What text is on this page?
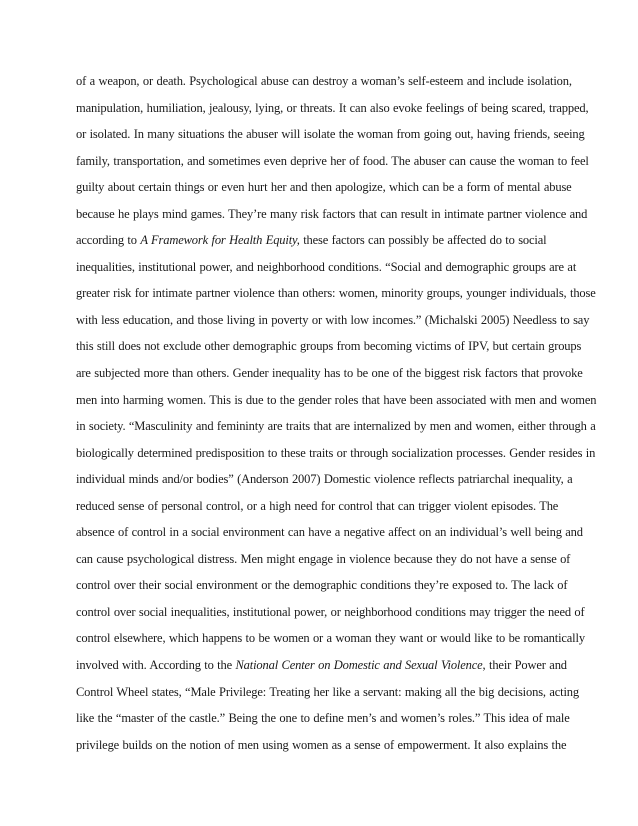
of a weapon, or death. Psychological abuse can destroy a woman’s self-esteem and include isolation,
manipulation, humiliation, jealousy, lying, or threats. It can also evoke feelings of being scared, trapped,
or isolated. In many situations the abuser will isolate the woman from going out, having friends, seeing
family, transportation, and sometimes even deprive her of food. The abuser can cause the woman to feel
guilty about certain things or even hurt her and then apologize, which can be a form of mental abuse
because he plays mind games. They’re many risk factors that can result in intimate partner violence and
according to A Framework for Health Equity, these factors can possibly be affected do to social
inequalities, institutional power, and neighborhood conditions. “Social and demographic groups are at
greater risk for intimate partner violence than others: women, minority groups, younger individuals, those
with less education, and those living in poverty or with low incomes.” (Michalski 2005) Needless to say
this still does not exclude other demographic groups from becoming victims of IPV, but certain groups
are subjected more than others. Gender inequality has to be one of the biggest risk factors that provoke
men into harming women. This is due to the gender roles that have been associated with men and women
in society. “Masculinity and femininty are traits that are internalized by men and women, either through a
biologically determined predisposition to these traits or through socialization processes. Gender resides in
individual minds and/or bodies” (Anderson 2007) Domestic violence reflects patriarchal inequality, a
reduced sense of personal control, or a high need for control that can trigger violent episodes. The
absence of control in a social environment can have a negative affect on an individual’s well being and
can cause psychological distress. Men might engage in violence because they do not have a sense of
control over their social environment or the demographic conditions they’re exposed to. The lack of
control over social inequalities, institutional power, or neighborhood conditions may trigger the need of
control elsewhere, which happens to be women or a woman they want or would like to be romantically
involved with. According to the National Center on Domestic and Sexual Violence, their Power and
Control Wheel states, “Male Privilege: Treating her like a servant: making all the big decisions, acting
like the “master of the castle.” Being the one to define men’s and women’s roles.” This idea of male
privilege builds on the notion of men using women as a sense of empowerment. It also explains the
